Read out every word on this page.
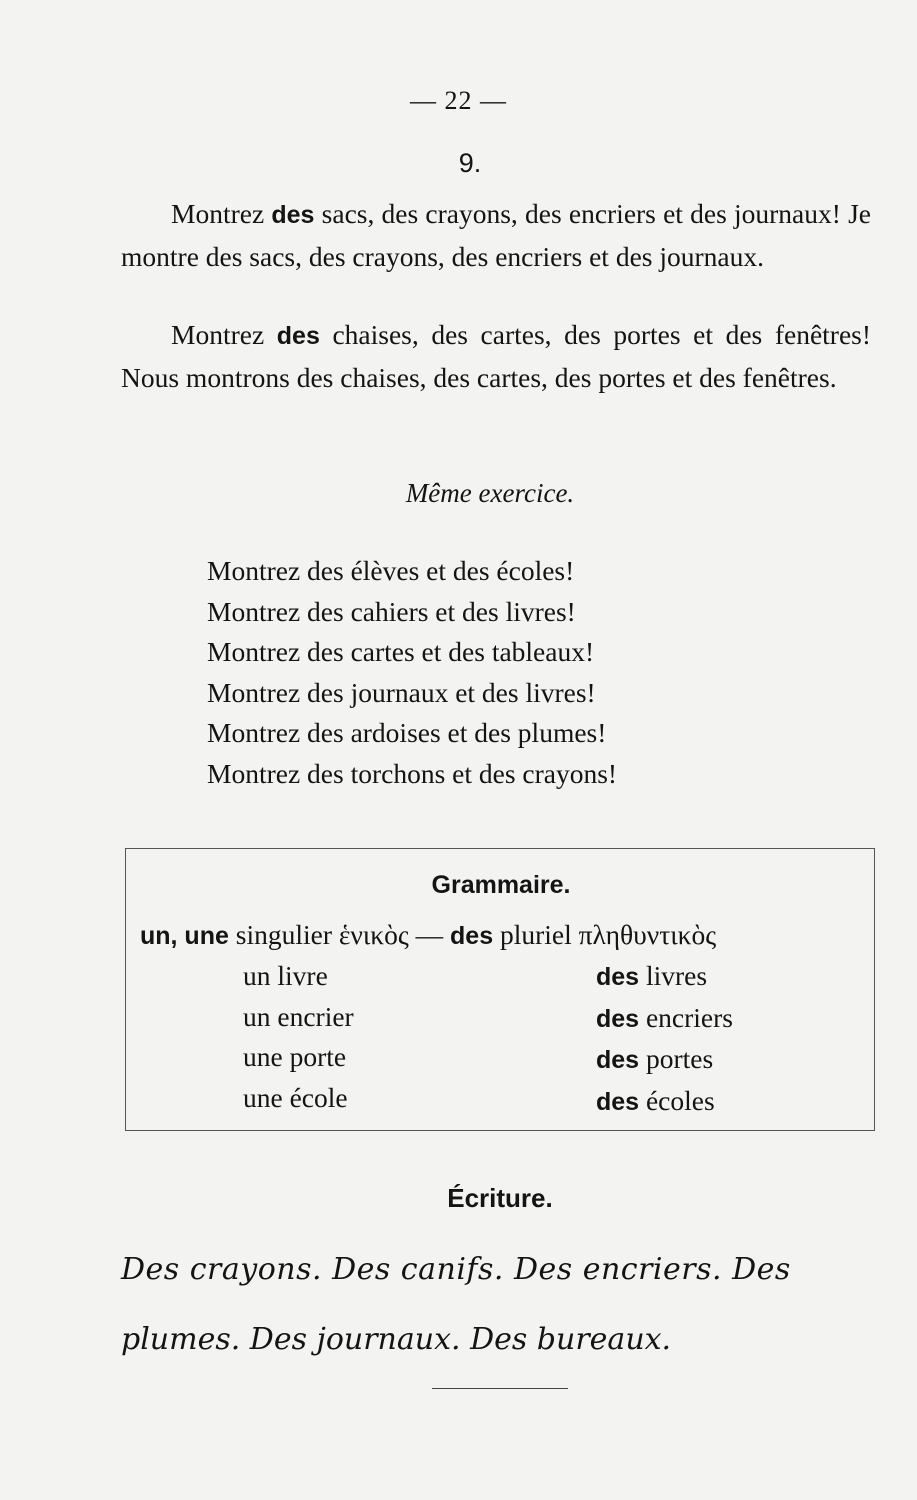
— 22 —
9.

Montrez des sacs, des crayons, des encriers et des journaux! Je montre des sacs, des crayons, des encriers et des journaux.

Montrez des chaises, des cartes, des portes et des fenêtres! Nous montrons des chaises, des cartes, des portes et des fenêtres.

Même exercice.
Montrez des élèves et des écoles!
Montrez des cahiers et des livres!
Montrez des cartes et des tableaux!
Montrez des journaux et des livres!
Montrez des ardoises et des plumes!
Montrez des torchons et des crayons!
Grammaire.
un, une singulier ἑνικὸς — des pluriel πληθυντικὸς
un livre
un encrier
une porte
une école
des livres
des encriers
des portes
des écoles
Écriture.
Des crayons. Des canifs. Des encriers. Des
plumes. Des journaux. Des bureaux.
